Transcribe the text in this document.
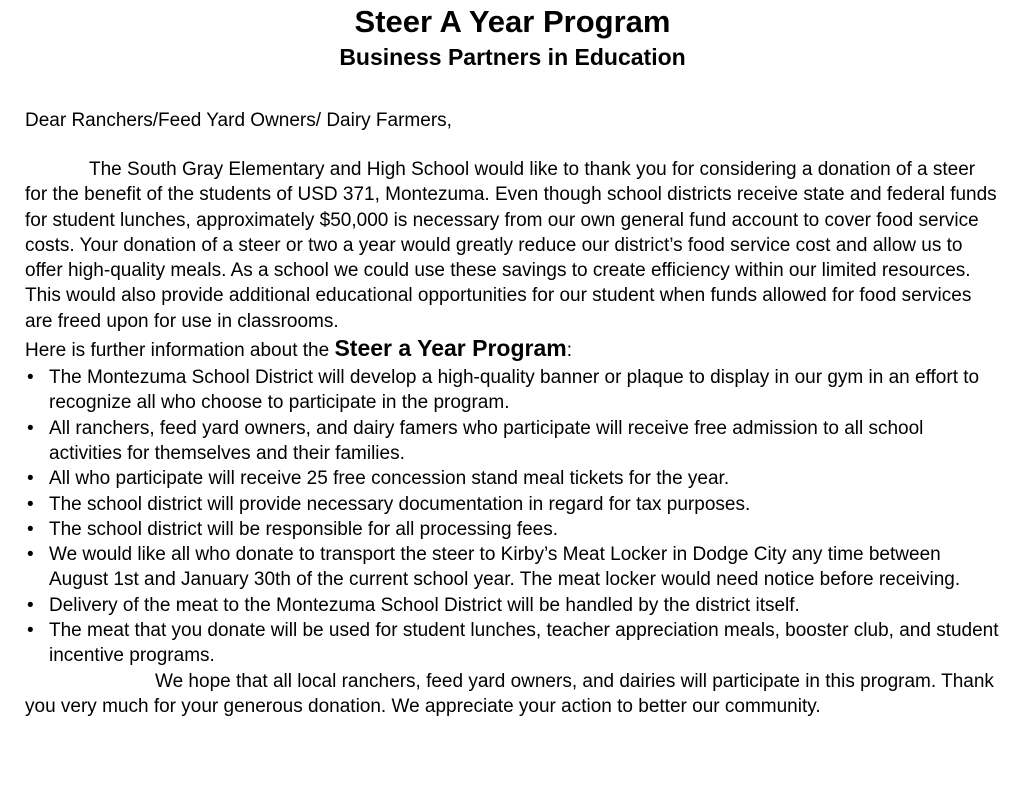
Steer A Year Program
Business Partners in Education

Dear Ranchers/Feed Yard Owners/ Dairy Farmers,

The South Gray Elementary and High School would like to thank you for considering a donation of a steer for the benefit of the students of USD 371, Montezuma. Even though school districts receive state and federal funds for student lunches, approximately $50,000 is necessary from our own general fund account to cover food service costs. Your donation of a steer or two a year would greatly reduce our district’s food service cost and allow us to offer high-quality meals. As a school we could use these savings to create efficiency within our limited resources. This would also provide additional educational opportunities for our student when funds allowed for food services are freed upon for use in classrooms.

Here is further information about the Steer a Year Program:

• The Montezuma School District will develop a high-quality banner or plaque to display in our gym in an effort to recognize all who choose to participate in the program.
• All ranchers, feed yard owners, and dairy famers who participate will receive free admission to all school activities for themselves and their families.
• All who participate will receive 25 free concession stand meal tickets for the year.
• The school district will provide necessary documentation in regard for tax purposes.
• The school district will be responsible for all processing fees.
• We would like all who donate to transport the steer to Kirby’s Meat Locker in Dodge City any time between August 1st and January 30th of the current school year. The meat locker would need notice before receiving.
• Delivery of the meat to the Montezuma School District will be handled by the district itself.
• The meat that you donate will be used for student lunches, teacher appreciation meals, booster club, and student incentive programs.

We hope that all local ranchers, feed yard owners, and dairies will participate in this program. Thank you very much for your generous donation. We appreciate your action to better our community.
